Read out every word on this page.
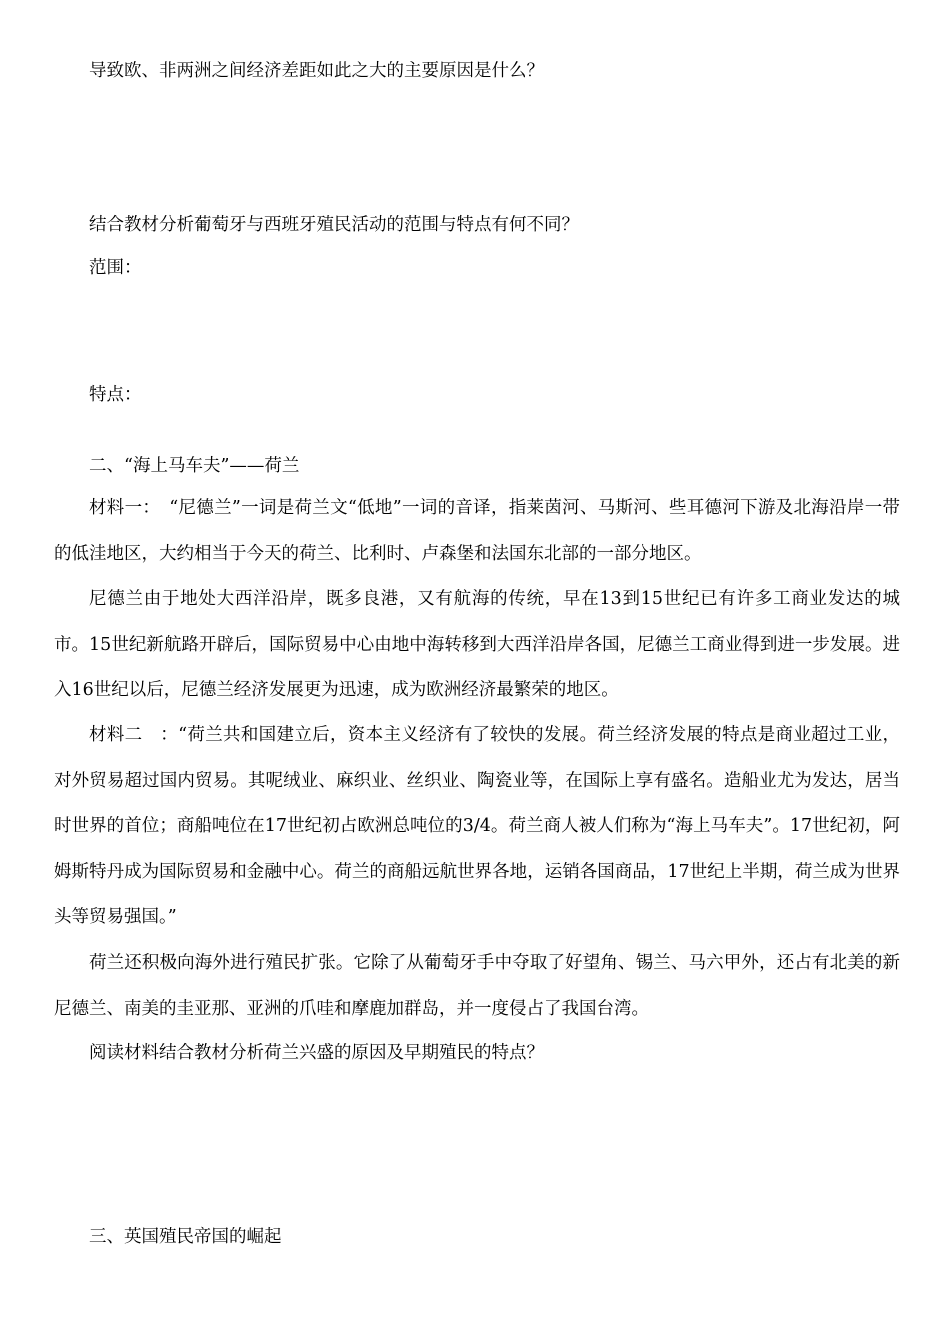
导致欧、非两洲之间经济差距如此之大的主要原因是什么？
结合教材分析葡萄牙与西班牙殖民活动的范围与特点有何不同？
范围：
特点：
二、“海上马车夫”——荷兰
材料一：　“尼德兰”一词是荷兰文“低地”一词的音译，指莱茵河、马斯河、些耳德河下游及北海沿岸一带的低洼地区，大约相当于今天的荷兰、比利时、卢森堡和法国东北部的一部分地区。
尼德兰由于地处大西洋沿岸，既多良港，又有航海的传统，早在13到15世纪已有许多工商业发达的城市。15世纪新航路开辟后，国际贸易中心由地中海转移到大西洋沿岸各国，尼德兰工商业得到进一步发展。进入16世纪以后，尼德兰经济发展更为迅速，成为欧洲经济最繁荣的地区。
材料二　：“荷兰共和国建立后，资本主义经济有了较快的发展。荷兰经济发展的特点是商业超过工业，对外贸易超过国内贸易。其呢绒业、麻织业、丝织业、陶瓷业等，在国际上享有盛名。造船业尤为发达，居当时世界的首位；商船吨位在17世纪初占欧洲总吨位的3/4。荷兰商人被人们称为“海上马车夫”。17世纪初，阿姆斯特丹成为国际贸易和金融中心。荷兰的商船远航世界各地，运销各国商品，17世纪上半期，荷兰成为世界头等贸易强国。”
荷兰还积极向海外进行殖民扩张。它除了从葡萄牙手中夺取了好望角、锡兰、马六甲外，还占有北美的新尼德兰、南美的圭亚那、亚洲的爪哇和摩鹿加群岛，并一度侵占了我国台湾。
阅读材料结合教材分析荷兰兴盛的原因及早期殖民的特点？
三、英国殖民帝国的崛起
